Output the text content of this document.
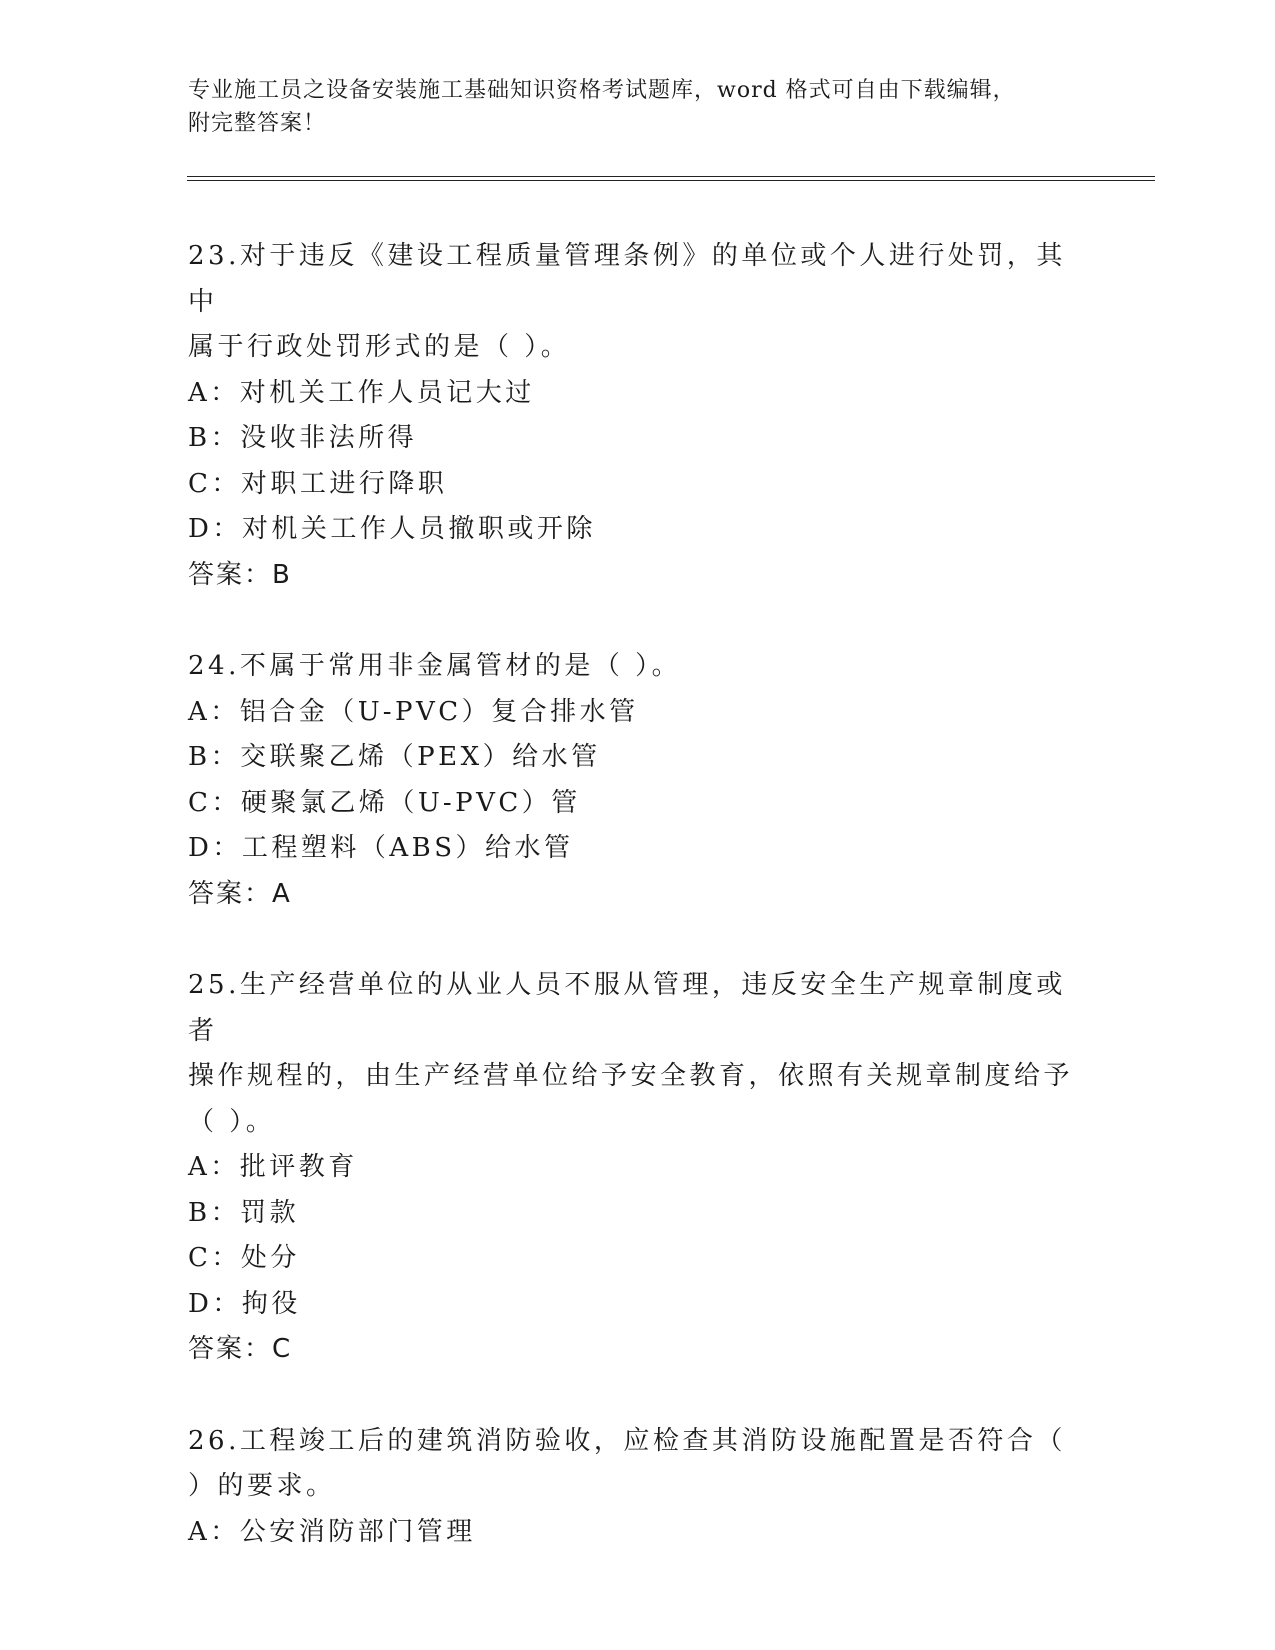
专业施工员之设备安装施工基础知识资格考试题库，word 格式可自由下载编辑，
附完整答案！

23.对于违反《建设工程质量管理条例》的单位或个人进行处罚，其中

属于行政处罚形式的是（ ）。

A：对机关工作人员记大过

B：没收非法所得

C：对职工进行降职

D：对机关工作人员撤职或开除

答案：B

24.不属于常用非金属管材的是（ ）。

A：铝合金（U-PVC）复合排水管

B：交联聚乙烯（PEX）给水管

C：硬聚氯乙烯（U-PVC）管

D：工程塑料（ABS）给水管

答案：A

25.生产经营单位的从业人员不服从管理，违反安全生产规章制度或者

操作规程的，由生产经营单位给予安全教育，依照有关规章制度给予

（ ）。

A：批评教育

B：罚款

C：处分

D：拘役

答案：C

26.工程竣工后的建筑消防验收，应检查其消防设施配置是否符合（

）的要求。

A：公安消防部门管理
